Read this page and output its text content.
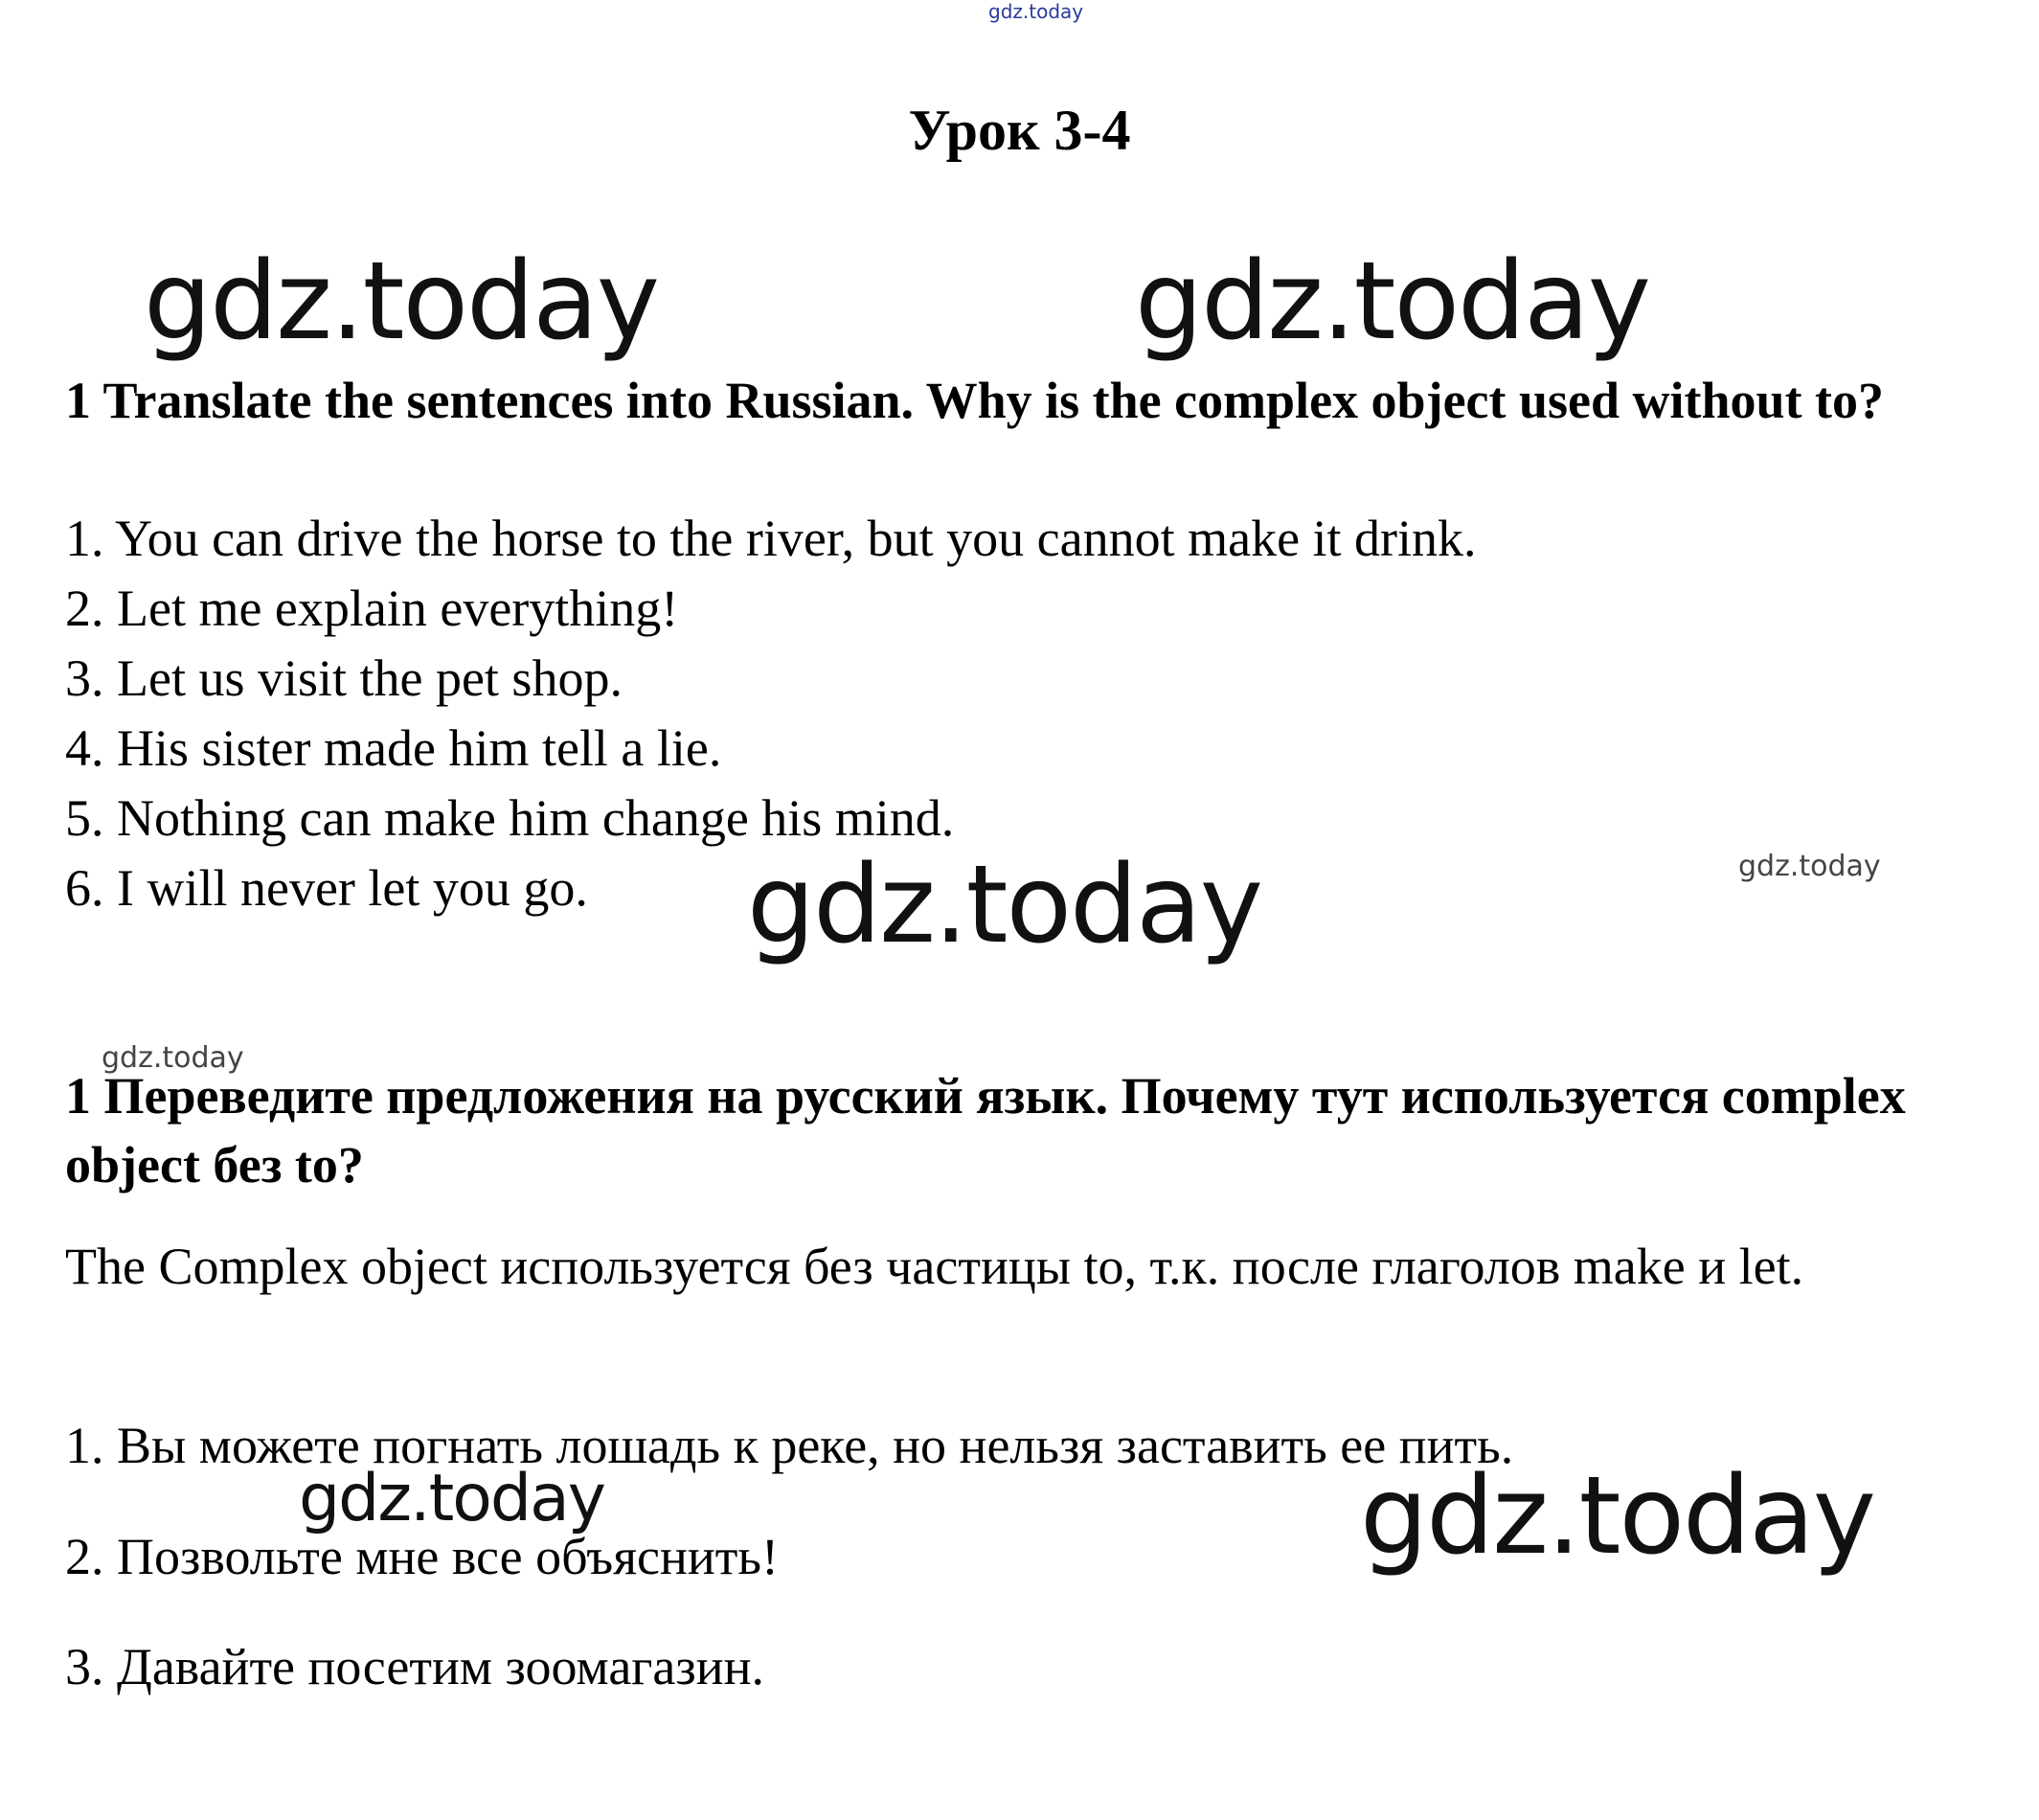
gdz.today
gdz.today	gdz.today
Урок 3-4
1 Translate the sentences into Russian. Why is the complex object used without to?
1. You can drive the horse to the river, but you cannot make it drink.
2. Let me explain everything!
3. Let us visit the pet shop.
4. His sister made him tell a lie.
5. Nothing can make him change his mind.
6. I will never let you go. gdz.today	gdz.today
gdz.today
1 Переведите предложения на русский язык. Почему тут используется complex object без to?
The Complex object используется без частицы to, т.к. после глаголов make и let.
1. Вы можете погнать лошадь к реке, но нельзя заставить ее пить.
2. Позвольте мне все объяснить!
3. Давайте посетим зоомагазин.
gdz.today	gdz.today
